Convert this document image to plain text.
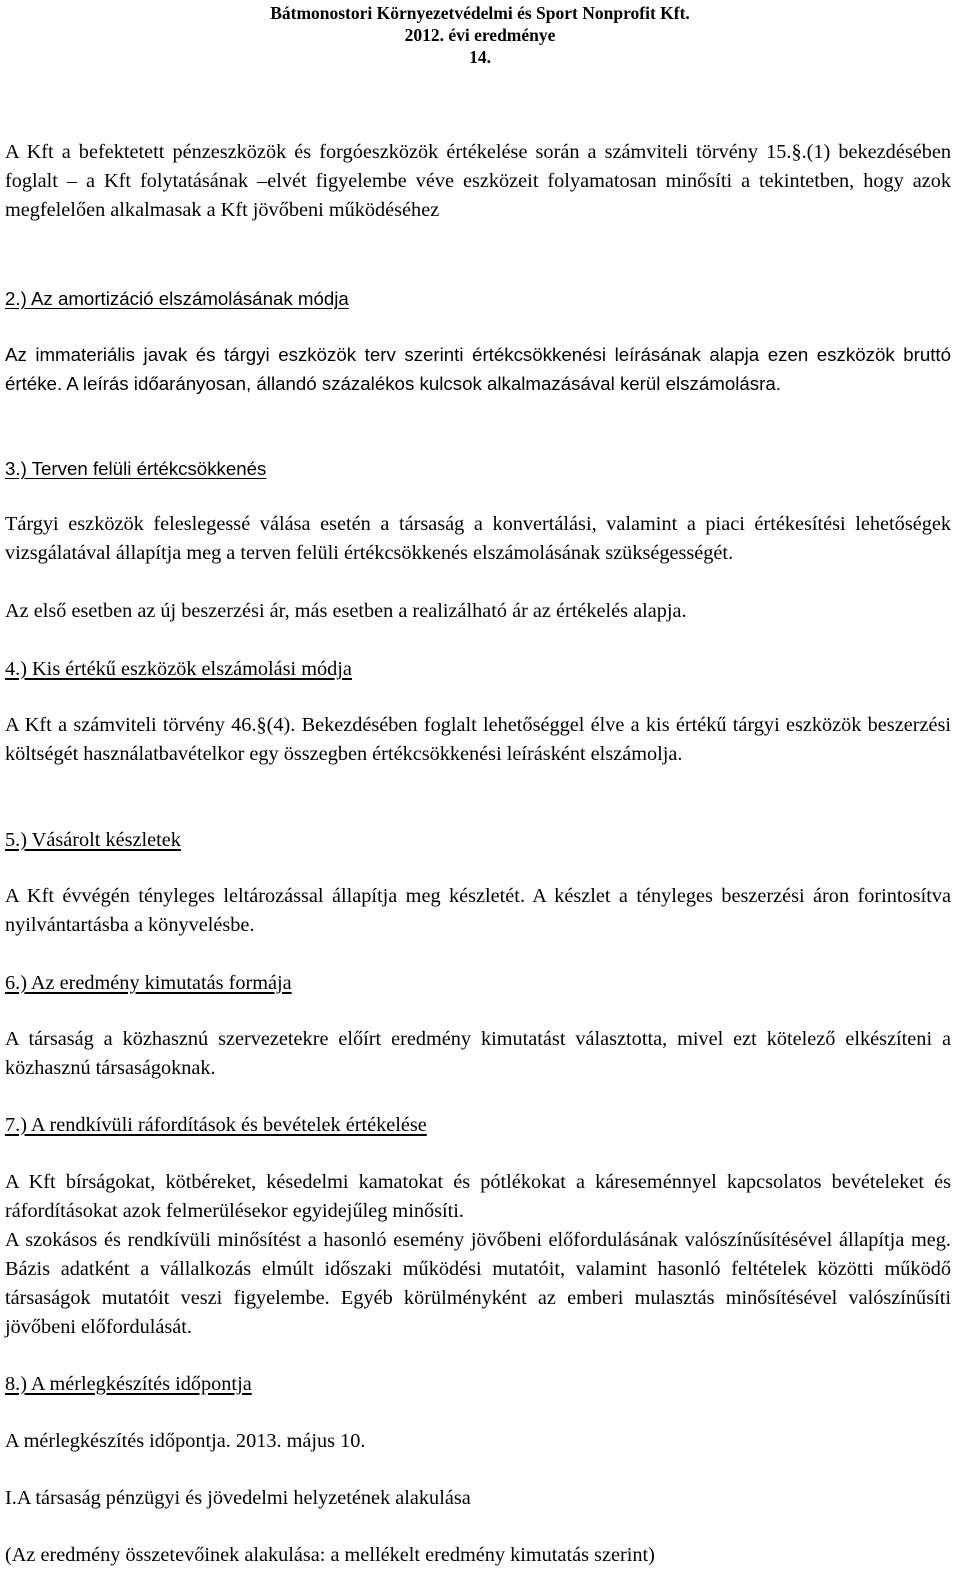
Bátmonostori Környezetvédelmi és Sport Nonprofit Kft.
2012. évi eredménye
14.

A Kft a befektetett pénzeszközök és forgóeszközök értékelése során a számviteli törvény 15.§.(1) bekezdésében foglalt – a Kft folytatásának –elvét figyelembe véve eszközeit folyamatosan minősíti a tekintetben, hogy azok megfelelően alkalmasak a Kft jövőbeni működéséhez

2.) Az amortizáció elszámolásának módja

Az immateriális javak és tárgyi eszközök terv szerinti értékcsökkenési leírásának alapja ezen eszközök bruttó értéke. A leírás időarányosan, állandó százalékos kulcsok alkalmazásával kerül elszámolásra.

3.) Terven felüli értékcsökkenés

Tárgyi eszközök feleslegessé válása esetén a társaság a konvertálási, valamint a piaci értékesítési lehetőségek vizsgálatával állapítja meg a terven felüli értékcsökkenés elszámolásának szükségességét.

Az első esetben az új beszerzési ár, más esetben a realizálható ár az értékelés alapja.

4.) Kis értékű eszközök elszámolási módja

A Kft a számviteli törvény 46.§(4). Bekezdésében foglalt lehetőséggel élve a kis értékű tárgyi eszközök beszerzési költségét használatbavételkor egy összegben értékcsökkenési leírásként elszámolja.

5.) Vásárolt készletek

A Kft évvégén tényleges leltározással állapítja meg készletét. A készlet a tényleges beszerzési áron forintosítva nyilvántartásba a könyvelésbe.

6.) Az eredmény kimutatás formája

A társaság a közhasznú szervezetekre előírt eredmény kimutatást választotta, mivel ezt kötelező elkészíteni a közhasznú társaságoknak.

7.) A rendkívüli ráfordítások és bevételek értékelése

A Kft bírságokat, kötbéreket, késedelmi kamatokat és pótlékokat a káreseménnyel kapcsolatos bevételeket és ráfordításokat azok felmerülésekor egyidejűleg minősíti.

A szokásos és rendkívüli minősítést a hasonló esemény jövőbeni előfordulásának valószínűsítésével állapítja meg. Bázis adatként a vállalkozás elmúlt időszaki működési mutatóit, valamint hasonló feltételek közötti működő társaságok mutatóit veszi figyelembe. Egyéb körülményként az emberi mulasztás minősítésével valószínűsíti jövőbeni előfordulását.

8.) A mérlegkészítés időpontja

A mérlegkészítés időpontja. 2013. május 10.

I.A társaság pénzügyi és jövedelmi helyzetének alakulása

(Az eredmény összetevőinek alakulása: a mellékelt eredmény kimutatás szerint)
